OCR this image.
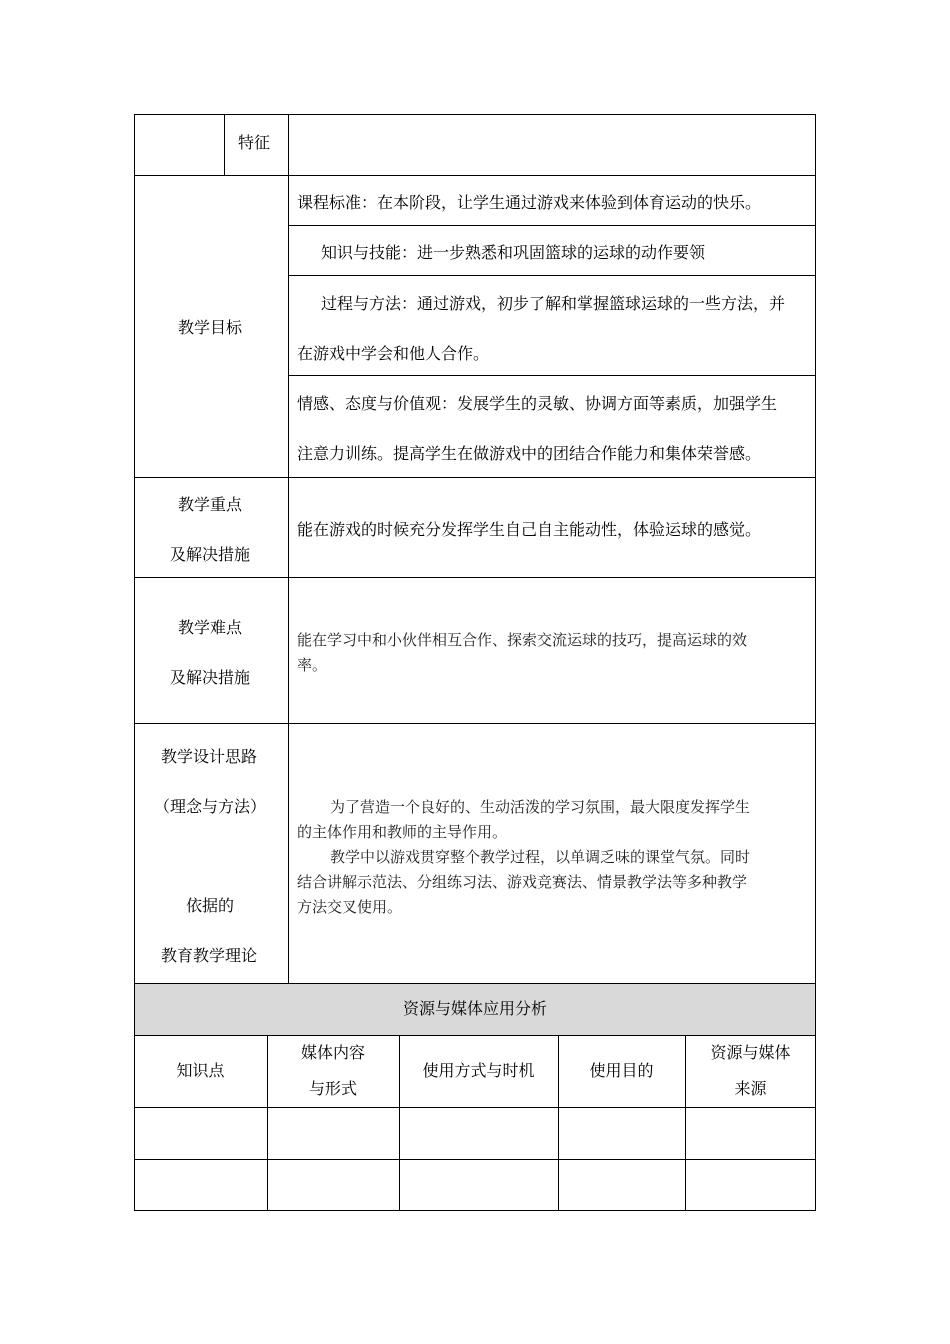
特征
教学目标
课程标准：在本阶段，让学生通过游戏来体验到体育运动的快乐。
知识与技能：进一步熟悉和巩固篮球的运球的动作要领
过程与方法：通过游戏，初步了解和掌握篮球运球的一些方法，并
在游戏中学会和他人合作。
情感、态度与价值观：发展学生的灵敏、协调方面等素质，加强学生
注意力训练。提高学生在做游戏中的团结合作能力和集体荣誉感。
教学重点
及解决措施
能在游戏的时候充分发挥学生自己自主能动性，体验运球的感觉。
教学难点
及解决措施
能在学习中和小伙伴相互合作、探索交流运球的技巧，提高运球的效
率。
教学设计思路
（理念与方法）
依据的
教育教学理论
为了营造一个良好的、生动活泼的学习氛围，最大限度发挥学生
的主体作用和教师的主导作用。
教学中以游戏贯穿整个教学过程，以单调乏味的课堂气氛。同时
结合讲解示范法、分组练习法、游戏竞赛法、情景教学法等多种教学
方法交叉使用。
资源与媒体应用分析
知识点
媒体内容
与形式
使用方式与时机	使用目的
资源与媒体
来源
